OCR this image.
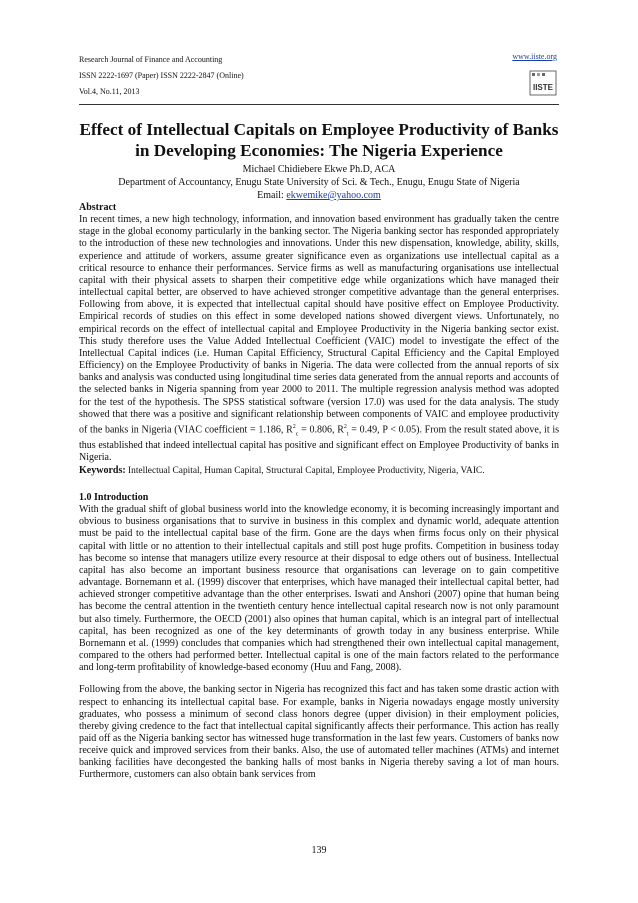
Research Journal of Finance and Accounting
ISSN 2222-1697 (Paper) ISSN 2222-2847 (Online)
Vol.4, No.11, 2013
www.iiste.org
IISTE
Effect of Intellectual Capitals on Employee Productivity of Banks in Developing Economies: The Nigeria Experience
Michael Chidiebere Ekwe Ph.D, ACA
Department of Accountancy, Enugu State University of Sci. & Tech., Enugu, Enugu State of Nigeria
Email: ekwemike@yahoo.com

Abstract

In recent times, a new high technology, information, and innovation based environment has gradually taken the centre stage in the global economy particularly in the banking sector. The Nigeria banking sector has responded appropriately to the introduction of these new technologies and innovations. Under this new dispensation, knowledge, ability, skills, experience and attitude of workers, assume greater significance even as organizations use intellectual capital as a critical resource to enhance their performances. Service firms as well as manufacturing organisations use intellectual capital with their physical assets to sharpen their competitive edge while organizations which have managed their intellectual capital better, are observed to have achieved stronger competitive advantage than the general enterprises. Following from above, it is expected that intellectual capital should have positive effect on Employee Productivity. Empirical records of studies on this effect in some developed nations showed divergent views. Unfortunately, no empirical records on the effect of intellectual capital and Employee Productivity in the Nigeria banking sector exist. This study therefore uses the Value Added Intellectual Coefficient (VAIC) model to investigate the effect of the Intellectual Capital indices (i.e. Human Capital Efficiency, Structural Capital Efficiency and the Capital Employed Efficiency) on the Employee Productivity of banks in Nigeria. The data were collected from the annual reports of six banks and analysis was conducted using longitudinal time series data generated from the annual reports and accounts of the selected banks in Nigeria spanning from year 2000 to 2011. The multiple regression analysis method was adopted for the test of the hypothesis. The SPSS statistical software (version 17.0) was used for the data analysis. The study showed that there was a positive and significant relationship between components of VAIC and employee productivity of the banks in Nigeria (VIAC coefficient = 1.186, $R^2_c = 0.806$, $R^2_t = 0.49$, P < 0.05). From the result stated above, it is thus established that indeed intellectual capital has positive and significant effect on Employee Productivity of banks in Nigeria.

Keywords: Intellectual Capital, Human Capital, Structural Capital, Employee Productivity, Nigeria, VAIC.

1.0 Introduction

With the gradual shift of global business world into the knowledge economy, it is becoming increasingly important and obvious to business organisations that to survive in business in this complex and dynamic world, adequate attention must be paid to the intellectual capital base of the firm. Gone are the days when firms focus only on their physical capital with little or no attention to their intellectual capitals and still post huge profits. Competition in business today has become so intense that managers utilize every resource at their disposal to edge others out of business. Intellectual capital has also become an important business resource that organisations can leverage on to gain competitive advantage. Bornemann et al. (1999) discover that enterprises, which have managed their intellectual capital better, had achieved stronger competitive advantage than the other enterprises. Iswati and Anshori (2007) opine that human being has become the central attention in the twentieth century hence intellectual capital research now is not only paramount but also timely. Furthermore, the OECD (2001) also opines that human capital, which is an integral part of intellectual capital, has been recognized as one of the key determinants of growth today in any business enterprise. While Bornemann et al. (1999) concludes that companies which had strengthened their own intellectual capital management, compared to the others had performed better. Intellectual capital is one of the main factors related to the performance and long-term profitability of knowledge-based economy (Huu and Fang, 2008).

Following from the above, the banking sector in Nigeria has recognized this fact and has taken some drastic action with respect to enhancing its intellectual capital base. For example, banks in Nigeria nowadays engage mostly university graduates, who possess a minimum of second class honors degree (upper division) in their employment policies, thereby giving credence to the fact that intellectual capital significantly affects their performance. This action has really paid off as the Nigeria banking sector has witnessed huge transformation in the last few years. Customers of banks now receive quick and improved services from their banks. Also, the use of automated teller machines (ATMs) and internet banking facilities have decongested the banking halls of most banks in Nigeria thereby saving a lot of man hours. Furthermore, customers can also obtain bank services from

139
